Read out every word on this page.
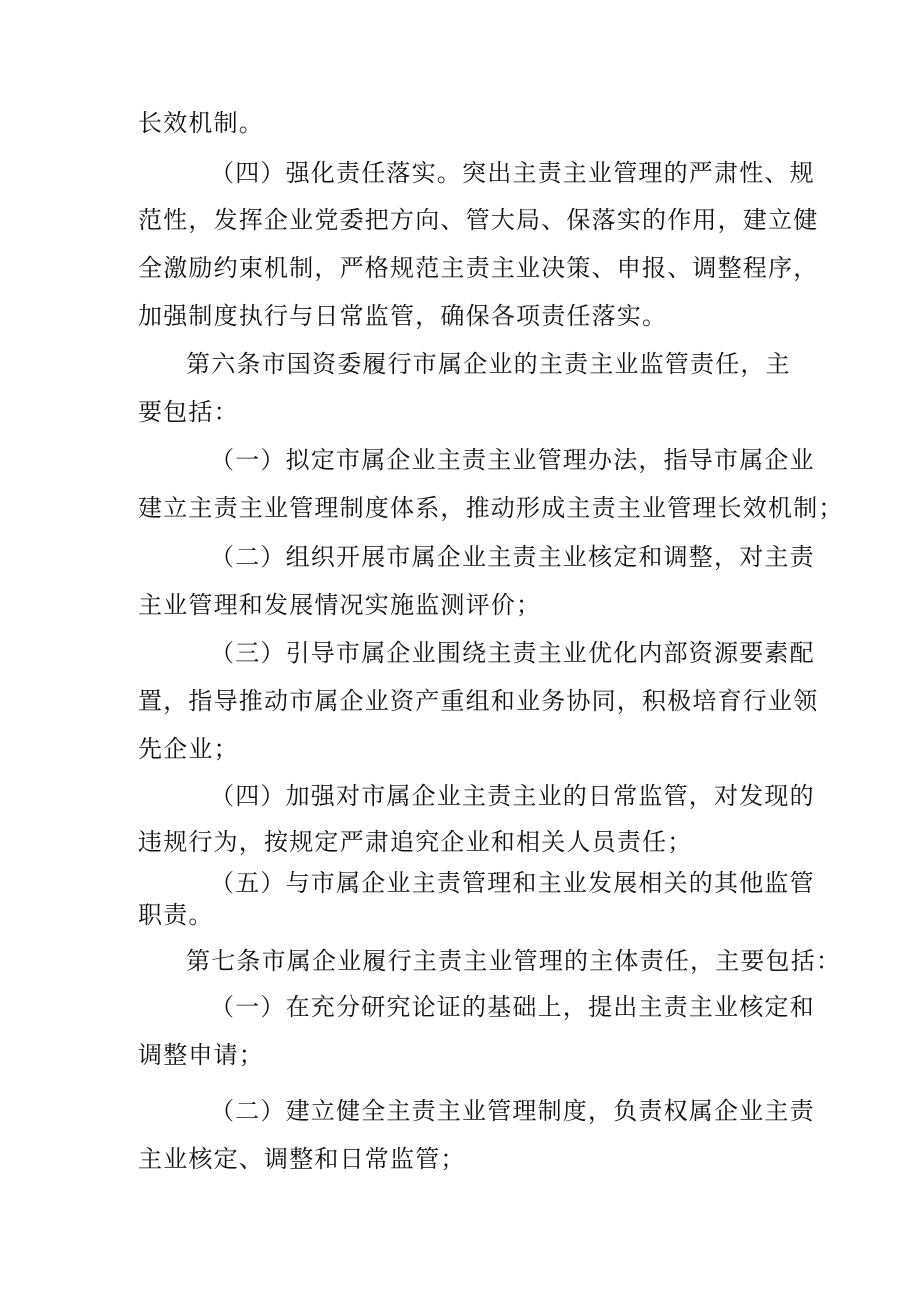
长效机制。
（四）强化责任落实。突出主责主业管理的严肃性、规
范性，发挥企业党委把方向、管大局、保落实的作用，建立健
全激励约束机制，严格规范主责主业决策、申报、调整程序，
加强制度执行与日常监管，确保各项责任落实。
第六条市国资委履行市属企业的主责主业监管责任，主
要包括：
（一）拟定市属企业主责主业管理办法，指导市属企业
建立主责主业管理制度体系，推动形成主责主业管理长效机制；
（二）组织开展市属企业主责主业核定和调整，对主责
主业管理和发展情况实施监测评价；
（三）引导市属企业围绕主责主业优化内部资源要素配
置，指导推动市属企业资产重组和业务协同，积极培育行业领
先企业；
（四）加强对市属企业主责主业的日常监管，对发现的
违规行为，按规定严肃追究企业和相关人员责任；
（五）与市属企业主责管理和主业发展相关的其他监管
职责。
第七条市属企业履行主责主业管理的主体责任，主要包括：
（一）在充分研究论证的基础上，提出主责主业核定和
调整申请；
（二）建立健全主责主业管理制度，负责权属企业主责
主业核定、调整和日常监管；
